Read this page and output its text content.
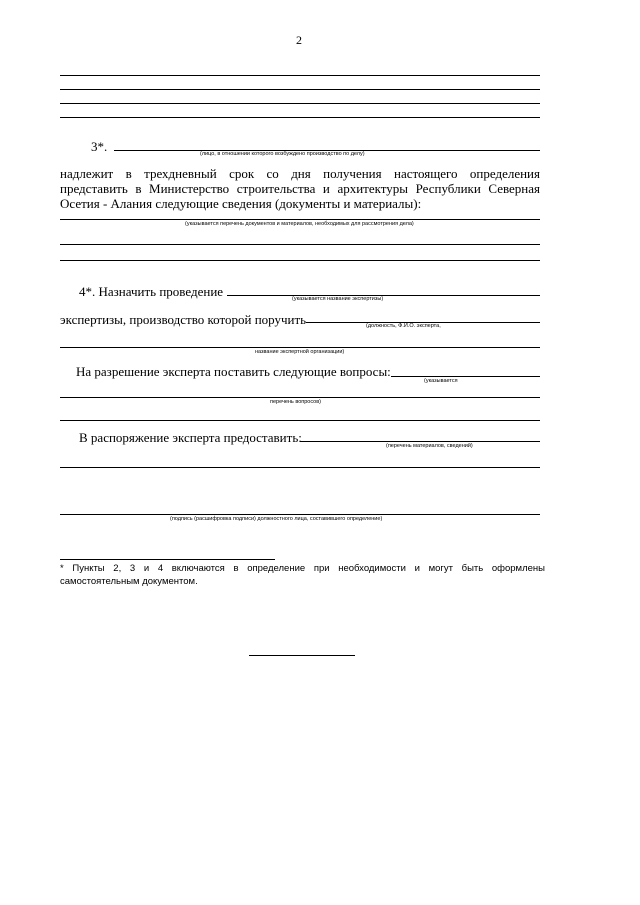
2
3*.	(лицо, в отношении которого возбуждено производство по делу)
надлежит в трехдневный срок со дня получения настоящего определения
представить в Министерство строительства и архитектуры Республики Северная
Осетия - Алания следующие сведения (документы и материалы):
(указывается перечень документов и материалов, необходимых для рассмотрения дела)
4*. Назначить проведение	(указывается название экспертизы)
экспертизы, производство которой поручить	(должность, Ф.И.О. эксперта,
название экспертной организации)
На разрешение эксперта поставить следующие вопросы:
(указывается
перечень вопросов)
В распоряжение эксперта предоставить:
(перечень материалов, сведений)
(подпись (расшифровка подписи) должностного лица, составившего определение)
* Пункты 2, 3 и 4 включаются в определение при необходимости и могут быть оформлены
самостоятельным документом.
